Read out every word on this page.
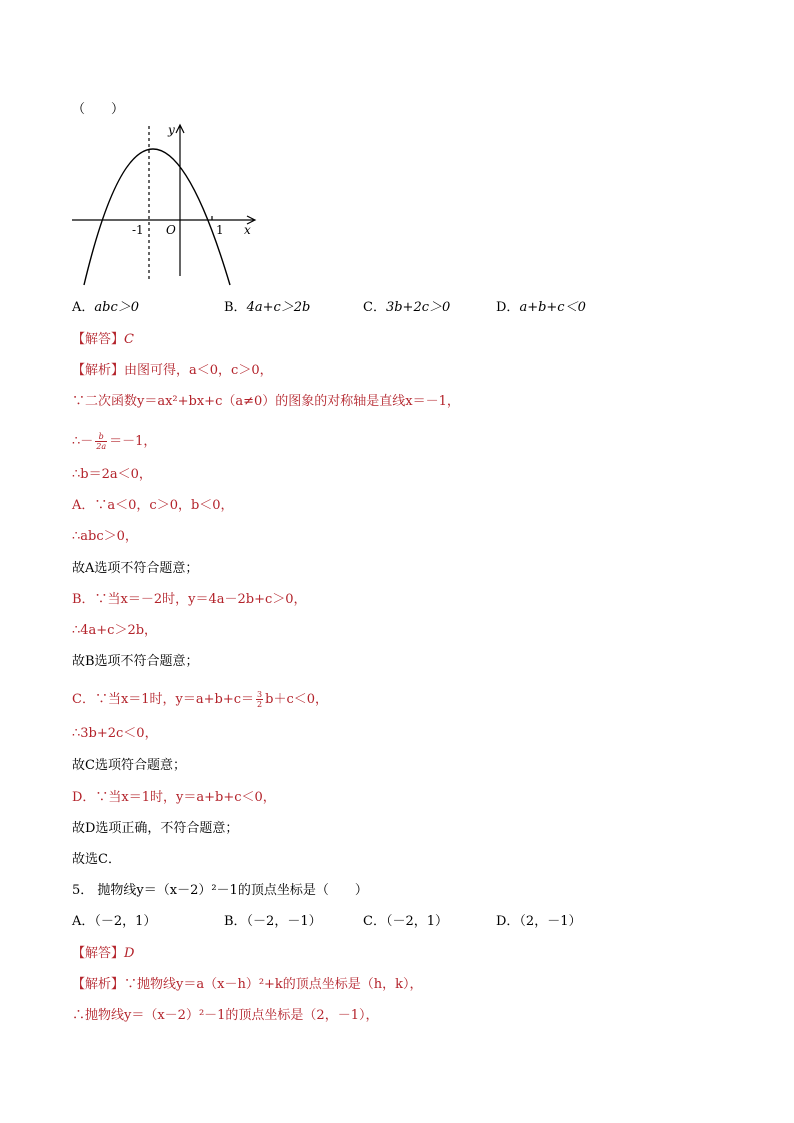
（　　）
y
x
O
-1	1
A．abc＞0	B．4a+c＞2b	C．3b+2c＞0	D．a+b+c＜0
【解答】C
【解析】由图可得，a＜0，c＞0，
∵二次函数y＝ax²+bx+c（a≠0）的图象的对称轴是直线x＝－1，
∴－ $\frac{b}{2a} =-1$，
∴b＝2a＜0，
A．∵a＜0，c＞0，b＜0，
∴abc＞0，
故A选项不符合题意；
B．∵当x＝－2时，y＝4a－2b+c＞0，
∴4a+c＞2b，
故B选项不符合题意；
C．∵当x＝1时，$y=a+b+c= \frac{3}{2} b+c<0$，
∴3b+2c＜0，
故C选项符合题意；
D．∵当x＝1时，y＝a+b+c＜0，
故D选项正确，不符合题意；
故选C．
5． 抛物线y＝（x－2）²－1的顶点坐标是（　　）
A．（－2，1）	B．（－2，－1）	C．（－2，1）	D．（2，－1）
【解答】D
【解析】∵抛物线y＝a（x－h）²+k的顶点坐标是（h，k），
∴抛物线y＝（x－2）²－1的顶点坐标是（2，－1），
